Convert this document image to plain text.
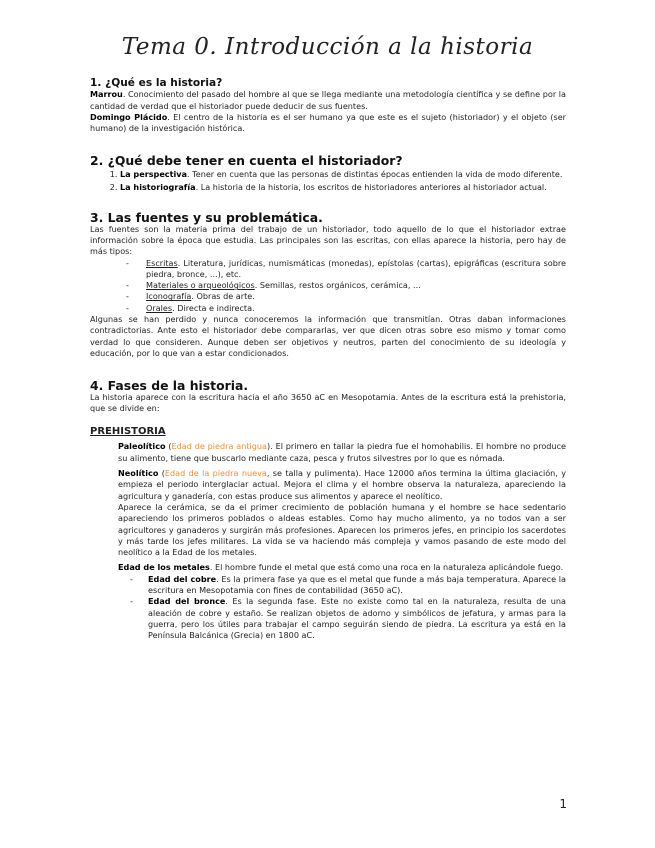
Tema 0. Introducción a la historia
1. ¿Qué es la historia?

Marrou. Conocimiento del pasado del hombre al que se llega mediante una metodología científica y se define por la cantidad de verdad que el historiador puede deducir de sus fuentes.

Domingo Plácido. El centro de la historia es el ser humano ya que este es el sujeto (historiador) y el objeto (ser humano) de la investigación histórica.

2. ¿Qué debe tener en cuenta el historiador?
1. La perspectiva. Tener en cuenta que las personas de distintas épocas entienden la vida de modo diferente.
2. La historiografía. La historia de la historia, los escritos de historiadores anteriores al historiador actual.
3. Las fuentes y su problemática.

Las fuentes son la materia prima del trabajo de un historiador, todo aquello de lo que el historiador extrae información sobre la época que estudia. Las principales son las escritas, con ellas aparece la historia, pero hay de más tipos:

- Escritas. Literatura, jurídicas, numismáticas (monedas), epístolas (cartas), epigráficas (escritura sobre piedra, bronce, ...), etc.
- Materiales o arqueológicos. Semillas, restos orgánicos, cerámica, ...
- Iconografía. Obras de arte.
- Orales. Directa e indirecta.

Algunas se han perdido y nunca conoceremos la información que transmitían. Otras daban informaciones contradictorias. Ante esto el historiador debe compararlas, ver que dicen otras sobre eso mismo y tomar como verdad lo que consideren. Aunque deben ser objetivos y neutros, parten del conocimiento de su ideología y educación, por lo que van a estar condicionados.

4. Fases de la historia.

La historia aparece con la escritura hacia el año 3650 aC en Mesopotamia. Antes de la escritura está la prehistoria, que se divide en:

PREHISTORIA

Paleolítico (Edad de piedra antigua). El primero en tallar la piedra fue el homohabilis. El hombre no produce su alimento, tiene que buscarlo mediante caza, pesca y frutos silvestres por lo que es nómada.

Neolítico (Edad de la piedra nueva, se talla y pulimenta). Hace 12000 años termina la última glaciación, y empieza el periodo interglaciar actual. Mejora el clima y el hombre observa la naturaleza, apareciendo la agricultura y ganadería, con estas produce sus alimentos y aparece el neolítico.

Aparece la cerámica, se da el primer crecimiento de población humana y el hombre se hace sedentario apareciendo los primeros poblados o aldeas estables. Como hay mucho alimento, ya no todos van a ser agricultores y ganaderos y surgirán más profesiones. Aparecen los primeros jefes, en principio los sacerdotes y más tarde los jefes militares. La vida se va haciendo más compleja y vamos pasando de este modo del neolítico a la Edad de los metales.

Edad de los metales. El hombre funde el metal que está como una roca en la naturaleza aplicándole fuego.

- Edad del cobre. Es la primera fase ya que es el metal que funde a más baja temperatura. Aparece la escritura en Mesopotamia con fines de contabilidad (3650 aC).
- Edad del bronce. Es la segunda fase. Este no existe como tal en la naturaleza, resulta de una aleación de cobre y estaño. Se realizan objetos de adorno y simbólicos de jefatura, y armas para la guerra, pero los útiles para trabajar el campo seguirán siendo de piedra. La escritura ya está en la Península Balcánica (Grecia) en 1800 aC.
1
